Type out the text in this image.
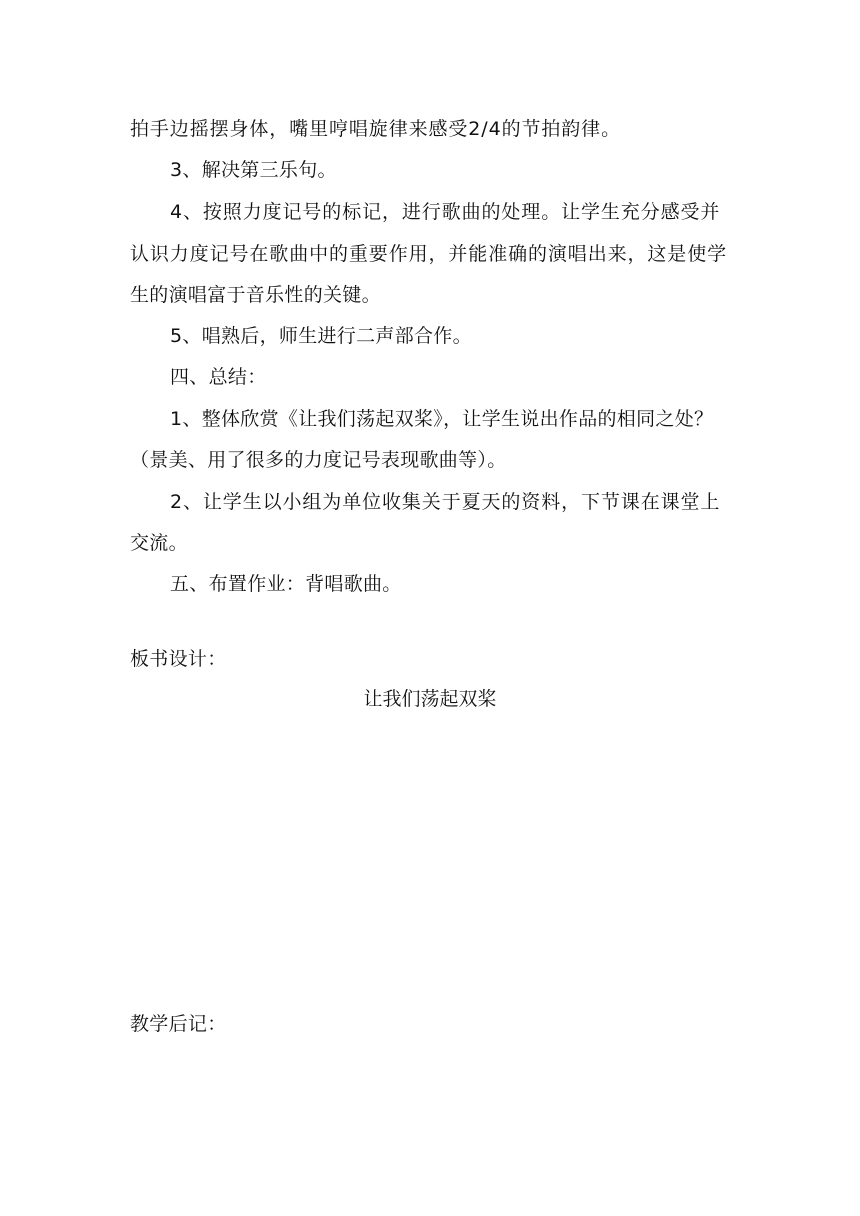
拍手边摇摆身体，嘴里哼唱旋律来感受2/4的节拍韵律。
3、解决第三乐句。
4、按照力度记号的标记，进行歌曲的处理。让学生充分感受并
认识力度记号在歌曲中的重要作用，并能准确的演唱出来，这是使学
生的演唱富于音乐性的关键。
5、唱熟后，师生进行二声部合作。
四、总结：
1、整体欣赏《让我们荡起双桨》，让学生说出作品的相同之处？
（景美、用了很多的力度记号表现歌曲等）。
2、让学生以小组为单位收集关于夏天的资料，下节课在课堂上
交流。
五、布置作业：背唱歌曲。
板书设计：
让我们荡起双桨
教学后记：
